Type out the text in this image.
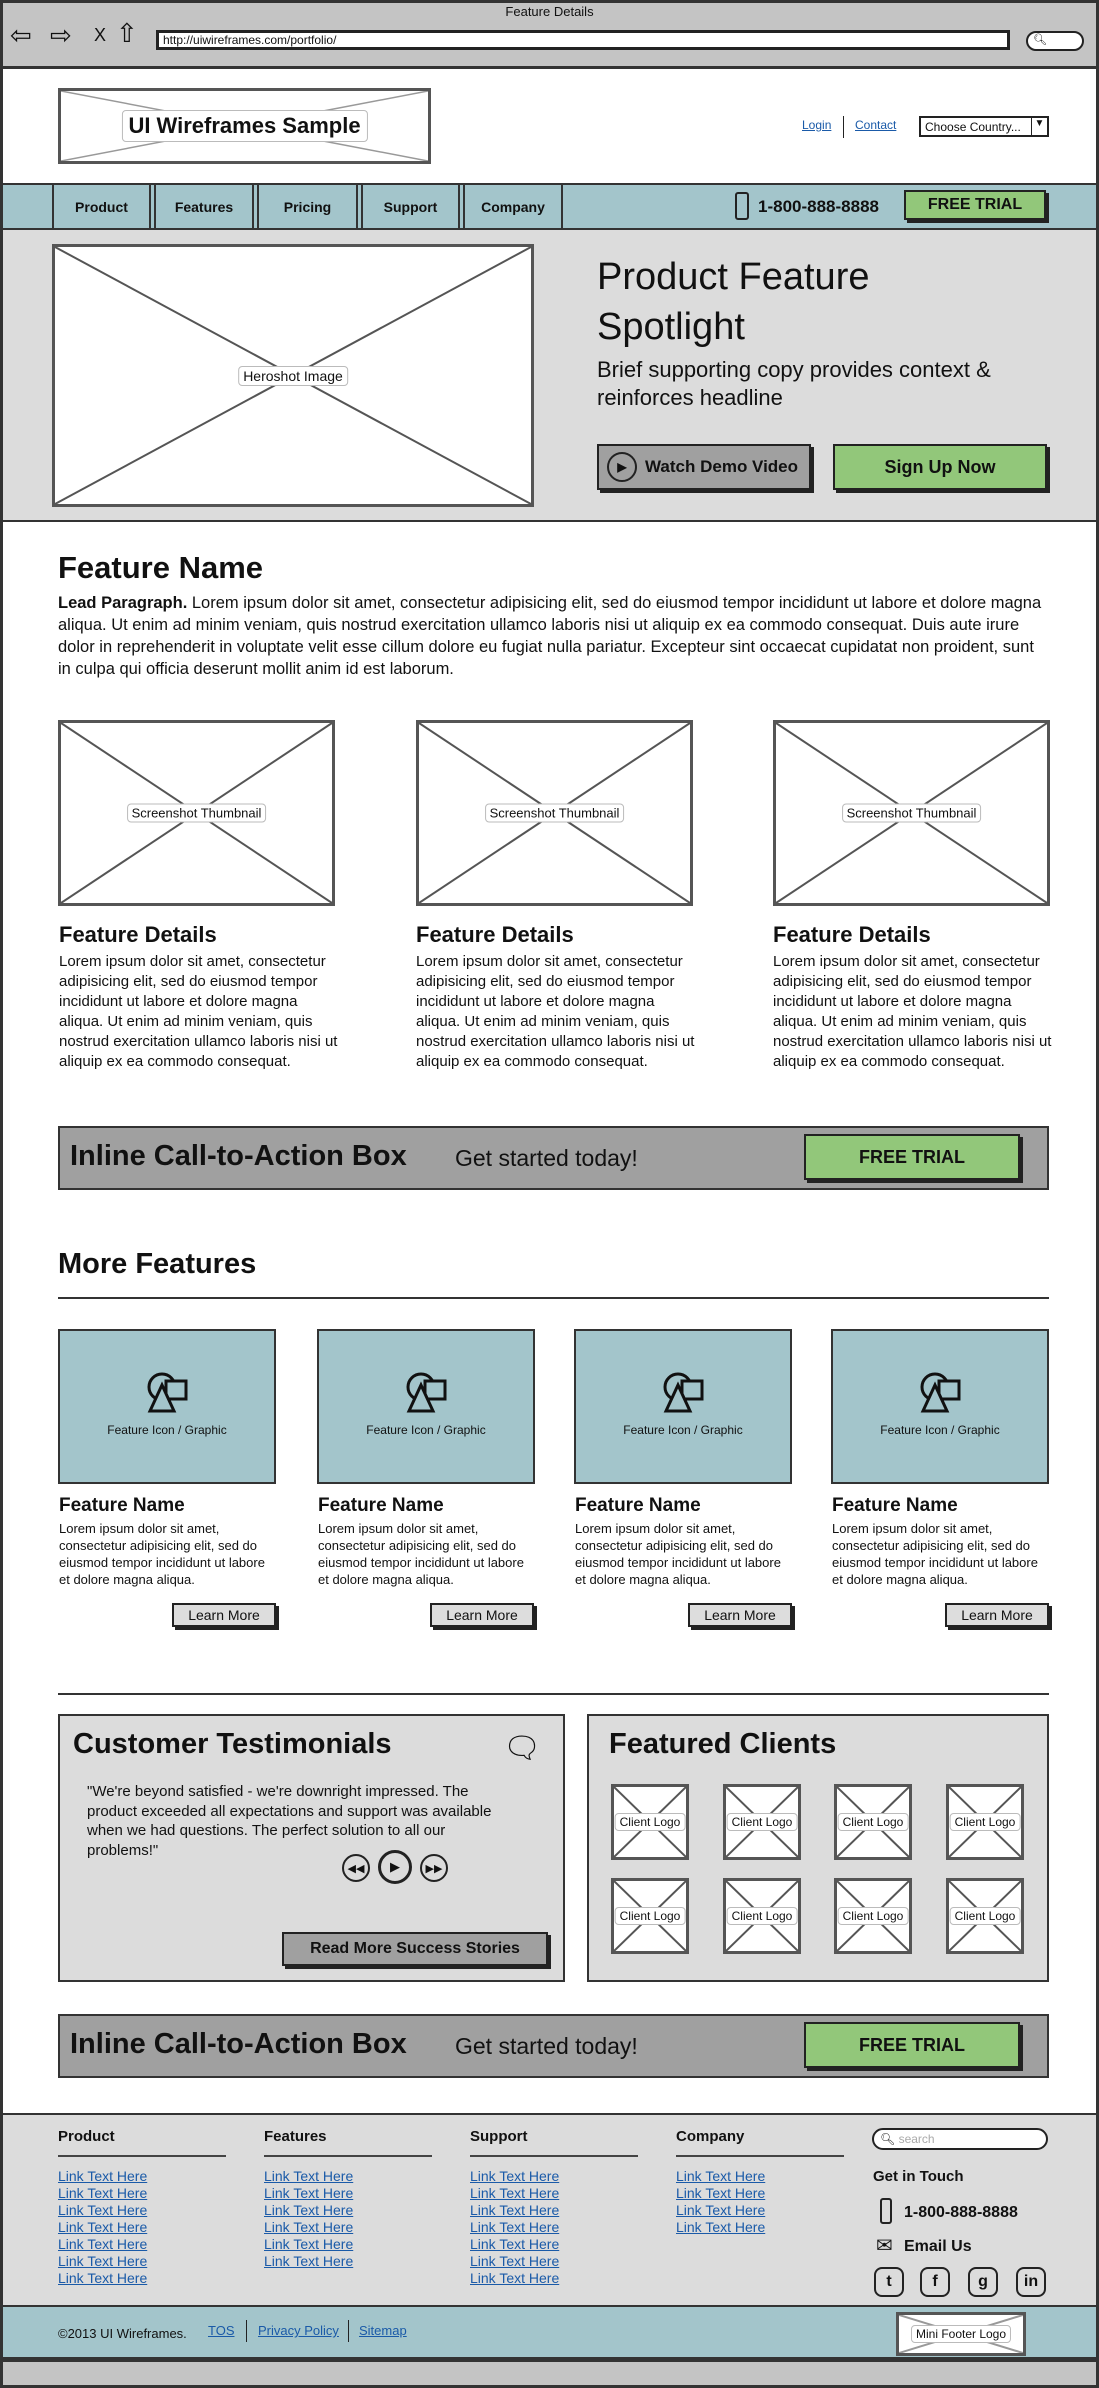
Feature Details
⇦ ⇨ X ⇧	http://uiwireframes.com/portfolio/	🔍︎
UI Wireframes Sample	Login Contact	Choose Country...	▼
Product	Features	Pricing	Support	Company	1-800-888-8888	FREE TRIAL
Heroshot Image
Product Feature Spotlight
Brief supporting copy provides context & reinforces headline
▶	Watch Demo Video	Sign Up Now
Feature Name
Lead Paragraph. Lorem ipsum dolor sit amet, consectetur adipisicing elit, sed do eiusmod tempor incididunt ut labore et dolore magna aliqua. Ut enim ad minim veniam, quis nostrud exercitation ullamco laboris nisi ut aliquip ex ea commodo consequat. Duis aute irure dolor in reprehenderit in voluptate velit esse cillum dolore eu fugiat nulla pariatur. Excepteur sint occaecat cupidatat non proident, sunt in culpa qui officia deserunt mollit anim id est laborum.
Screenshot Thumbnail	Screenshot Thumbnail	Screenshot Thumbnail
Feature Details
Lorem ipsum dolor sit amet, consectetur adipisicing elit, sed do eiusmod tempor incididunt ut labore et dolore magna aliqua. Ut enim ad minim veniam, quis nostrud exercitation ullamco laboris nisi ut aliquip ex ea commodo consequat.
Feature Details
Lorem ipsum dolor sit amet, consectetur adipisicing elit, sed do eiusmod tempor incididunt ut labore et dolore magna aliqua. Ut enim ad minim veniam, quis nostrud exercitation ullamco laboris nisi ut aliquip ex ea commodo consequat.
Feature Details
Lorem ipsum dolor sit amet, consectetur adipisicing elit, sed do eiusmod tempor incididunt ut labore et dolore magna aliqua. Ut enim ad minim veniam, quis nostrud exercitation ullamco laboris nisi ut aliquip ex ea commodo consequat.
Inline Call-to-Action Box Get started today!	FREE TRIAL
More Features
Feature Icon / Graphic	Feature Icon / Graphic	Feature Icon / Graphic	Feature Icon / Graphic
Feature Name
Lorem ipsum dolor sit amet, consectetur adipisicing elit, sed do eiusmod tempor incididunt ut labore et dolore magna aliqua.
Learn More
Feature Name
Lorem ipsum dolor sit amet, consectetur adipisicing elit, sed do eiusmod tempor incididunt ut labore et dolore magna aliqua.
Learn More
Feature Name
Lorem ipsum dolor sit amet, consectetur adipisicing elit, sed do eiusmod tempor incididunt ut labore et dolore magna aliqua.
Learn More
Feature Name
Lorem ipsum dolor sit amet, consectetur adipisicing elit, sed do eiusmod tempor incididunt ut labore et dolore magna aliqua.
Learn More
Customer Testimonials	🗨︎
"We're beyond satisfied - we're downright impressed. The product exceeded all expectations and support was available when we had questions. The perfect solution to all our problems!"
◀◀	▶	▶▶
Read More Success Stories
Featured Clients
Client Logo	Client Logo	Client Logo	Client Logo
Client Logo	Client Logo	Client Logo	Client Logo
Inline Call-to-Action Box Get started today!	FREE TRIAL
Product
Link Text Here
Link Text Here
Link Text Here
Link Text Here
Link Text Here
Link Text Here
Link Text Here
Features
Link Text Here
Link Text Here
Link Text Here
Link Text Here
Link Text Here
Link Text Here
Support
Link Text Here
Link Text Here
Link Text Here
Link Text Here
Link Text Here
Link Text Here
Link Text Here
Company
Link Text Here
Link Text Here
Link Text Here
Link Text Here
🔍︎ search
Get in Touch
1-800-888-8888
✉ Email Us
t	f	g	in
©2013 UI Wireframes. TOS Privacy Policy Sitemap	Mini Footer Logo
